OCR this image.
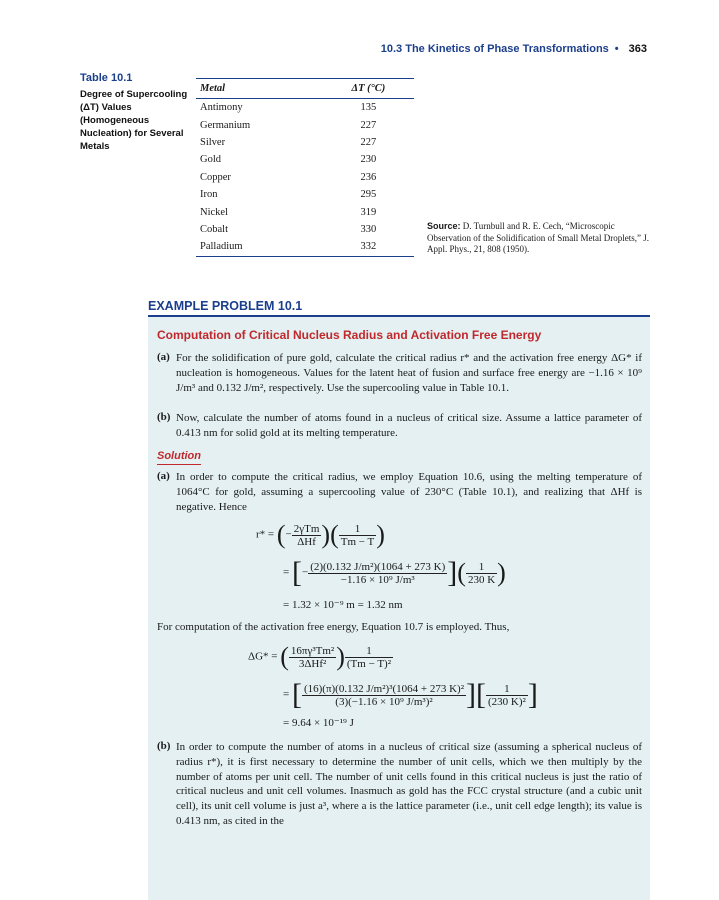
10.3 The Kinetics of Phase Transformations • 363
Table 10.1
Degree of Supercooling (ΔT) Values (Homogeneous Nucleation) for Several Metals
Metal	ΔT (°C)
Antimony	135
Germanium	227
Silver	227
Gold	230
Copper	236
Iron	295
Nickel	319
Cobalt	330
Palladium	332
Source: D. Turnbull and R. E. Cech, “Microscopic Observation of the Solidification of Small Metal Droplets,” J. Appl. Phys., 21, 808 (1950).
EXAMPLE PROBLEM 10.1
Computation of Critical Nucleus Radius and Activation Free Energy
(a) For the solidification of pure gold, calculate the critical radius r* and the activation free energy ΔG* if nucleation is homogeneous. Values for the latent heat of fusion and surface free energy are −1.16 × 10⁹ J/m³ and 0.132 J/m², respectively. Use the supercooling value in Table 10.1.
(b) Now, calculate the number of atoms found in a nucleus of critical size. Assume a lattice parameter of 0.413 nm for solid gold at its melting temperature.
Solution
(a) In order to compute the critical radius, we employ Equation 10.6, using the melting temperature of 1064°C for gold, assuming a supercooling value of 230°C (Table 10.1), and realizing that ΔHf is negative. Hence
r* = (− $\frac{\text{2γTm}}{\text{ΔHf}}$ )( $\frac{1}{Tm - T}$ )
= [− $\frac{\text{(2)(0.132 J/m²)(1064 + 273 K)}}{\text{−1.16 × 10⁹ J/m³}}$ ]( $\frac{1}{230 K}$ )
= 1.32 × 10⁻⁹ m = 1.32 nm
For computation of the activation free energy, Equation 10.7 is employed. Thus,
ΔG* = ( $\frac{\text{16πγ³Tm²}}{\text{3ΔHf²}}$ ) $\frac{1}{\text{(Tm − T)²}}$
= [ $\frac{\text{(16)(π)(0.132 J/m²)³(1064 + 273 K)²}}{\text{(3)(−1.16 × 10⁹ J/m³)²}}$ ][ $\frac{1}{\text{(230 K)²}}$ ]
= 9.64 × 10⁻¹⁹ J
(b) In order to compute the number of atoms in a nucleus of critical size (assuming a spherical nucleus of radius r*), it is first necessary to determine the number of unit cells, which we then multiply by the number of atoms per unit cell. The number of unit cells found in this critical nucleus is just the ratio of critical nucleus and unit cell volumes. Inasmuch as gold has the FCC crystal structure (and a cubic unit cell), its unit cell volume is just a³, where a is the lattice parameter (i.e., unit cell edge length); its value is 0.413 nm, as cited in the
